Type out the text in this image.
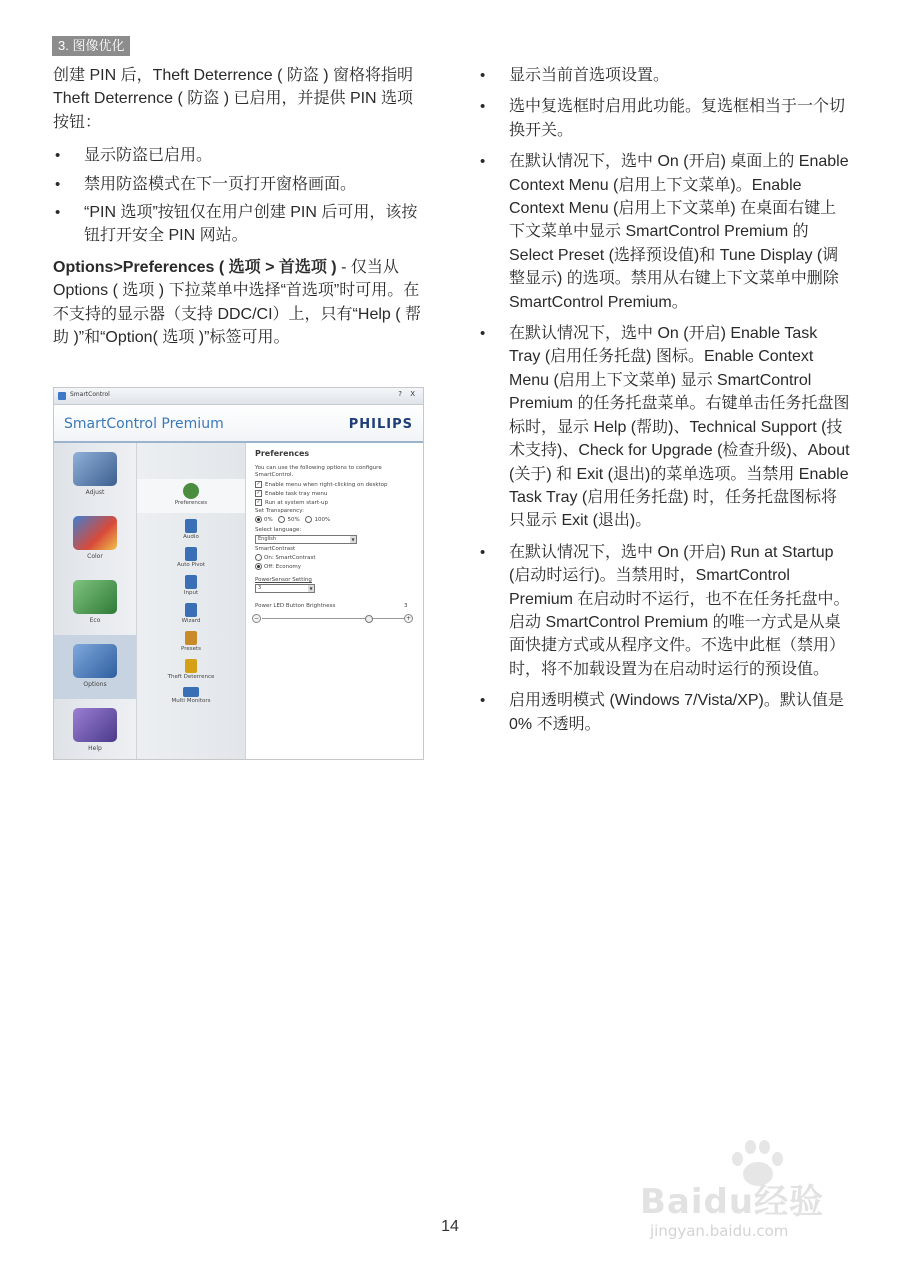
3. 图像优化

创建 PIN 后，Theft Deterrence ( 防盗 ) 窗格将指明 Theft Deterrence ( 防盗 ) 已启用，并提供 PIN 选项按钮：

• 显示防盗已启用。
• 禁用防盗模式在下一页打开窗格画面。
• “PIN 选项”按钮仅在用户创建 PIN 后可用，该按钮打开安全 PIN 网站。

Options>Preferences ( 选项 > 首选项 ) - 仅当从 Options ( 选项 ) 下拉菜单中选择“首选项”时可用。在不支持的显示器（支持 DDC/CI）上，只有“Help ( 帮助 )”和“Option( 选项 )”标签可用。

SmartControl	? X
SmartControl Premium	PHILIPS
Adjust
Color
Eco
Options
Help
Preferences
Audio
Auto Pivot
Input
Wizard
Presets
Theft Deterrence
Multi Monitors
Preferences
You can use the following options to configure
SmartControl.
✓ Enable menu when right-clicking on desktop
✓ Enable task tray menu
✓ Run at system start-up
Set Transparency:
0%	50%	100%
Select language:
English	▼
SmartContrast
On: SmartContrast
Off: Economy
PowerSensor Setting
3	▼
Power LED Button Brightness	3
−	+
• 显示当前首选项设置。
• 选中复选框时启用此功能。复选框相当于一个切换开关。
• 在默认情况下，选中 On (开启) 桌面上的 Enable Context Menu (启用上下文菜单)。Enable Context Menu (启用上下文菜单) 在桌面右键上下文菜单中显示 SmartControl Premium 的 Select Preset (选择预设值)和 Tune Display (调整显示) 的选项。禁用从右键上下文菜单中删除 SmartControl Premium。
• 在默认情况下，选中 On (开启) Enable Task Tray (启用任务托盘) 图标。Enable Context Menu (启用上下文菜单) 显示 SmartControl Premium 的任务托盘菜单。右键单击任务托盘图标时，显示 Help (帮助)、Technical Support (技术支持)、Check for Upgrade (检查升级)、About (关于) 和 Exit (退出)的菜单选项。当禁用 Enable Task Tray (启用任务托盘) 时，任务托盘图标将只显示 Exit (退出)。
• 在默认情况下，选中 On (开启) Run at Startup (启动时运行)。当禁用时，SmartControl Premium 在启动时不运行，也不在任务托盘中。启动 SmartControl Premium 的唯一方式是从桌面快捷方式或从程序文件。不选中此框（禁用）时，将不加载设置为在启动时运行的预设值。
• 启用透明模式 (Windows 7/Vista/XP)。默认值是 0% 不透明。
14
Baidu经验
jingyan.baidu.com
